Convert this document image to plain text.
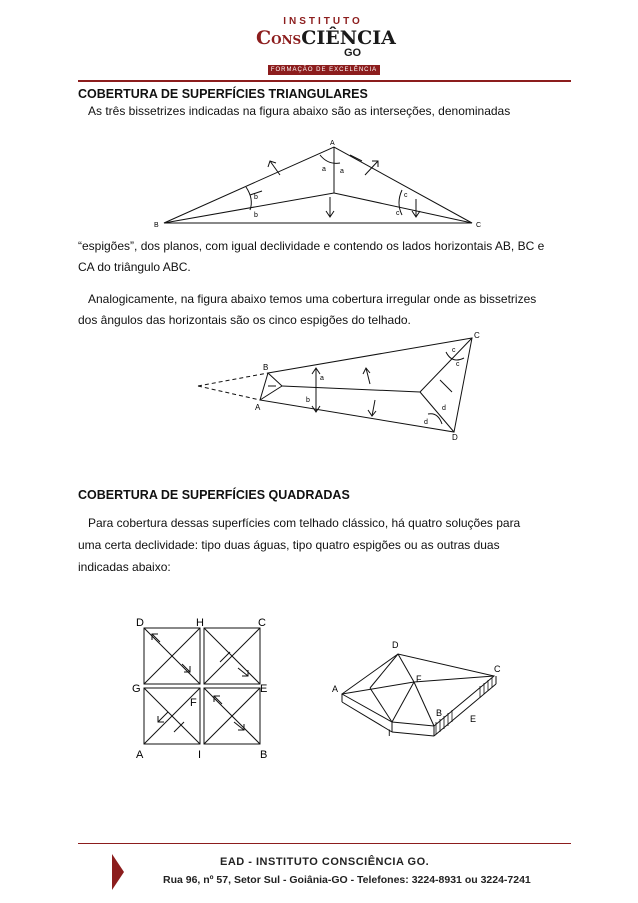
INSTITUTO
CONSCIÊNCIA
GO
FORMAÇÃO DE EXCELÊNCIA
COBERTURA DE SUPERFÍCIES TRIANGULARES
As três bissetrizes indicadas na figura abaixo são as interseções, denominadas
A
B	C
a a
b
b
c
c
“espigões”, dos planos, com igual declividade e contendo os lados horizontais AB, BC e
CA do triângulo ABC.
Analogicamente, na figura abaixo temos uma cobertura irregular onde as bissetrizes
dos ângulos das horizontais são os cinco espigões do telhado.
B
A
C
D
a
b
c
c
d
d
COBERTURA DE SUPERFÍCIES QUADRADAS
Para cobertura dessas superfícies com telhado clássico, há quatro soluções para
uma certa declividade: tipo duas águas, tipo quatro espigões ou as outras duas
indicadas abaixo:
D	H	C
G	E
F
A	I	B
D
C
A
F
B
E
I
EAD - INSTITUTO CONSCIÊNCIA GO.
Rua 96, nº 57, Setor Sul - Goiânia-GO - Telefones: 3224-8931 ou 3224-7241
